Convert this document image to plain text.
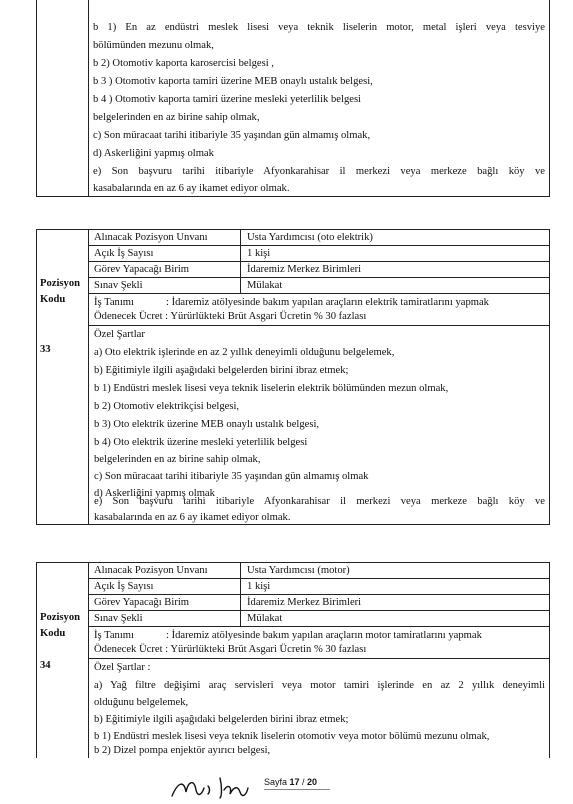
b 1) En az endüstri meslek lisesi veya teknik liselerin motor, metal işleri veya tesviye
bölümünden mezunu olmak,
b 2) Otomotiv kaporta karosercisi belgesi ,
b 3 ) Otomotiv kaporta tamiri üzerine MEB onaylı ustalık belgesi,
b 4 ) Otomotiv kaporta tamiri üzerine mesleki yeterlilik belgesi
belgelerinden en az birine sahip olmak,
c) Son müracaat tarihi itibariyle 35 yaşından gün almamış olmak,
d) Askerliğini yapmış olmak
e) Son başvuru tarihi itibariyle Afyonkarahisar il merkezi veya merkeze bağlı köy ve
kasabalarında en az 6 ay ikamet ediyor olmak.
Pozisyon
Kodu
33
Alınacak Pozisyon Unvanı	Usta Yardımcısı (oto elektrik)
Açık İş Sayısı	1 kişi
Görev Yapacağı Birim	İdaremiz Merkez Birimleri
Sınav Şekli	Mülakat
İş Tanımı	: İdaremiz atölyesinde bakım yapılan araçların elektrik tamiratlarını yapmak
Ödenecek Ücret : Yürürlükteki Brüt Asgari Ücretin % 30 fazlası
Özel Şartlar
a) Oto elektrik işlerinde en az 2 yıllık deneyimli olduğunu belgelemek,
b) Eğitimiyle ilgili aşağıdaki belgelerden birini ibraz etmek;
b 1) Endüstri meslek lisesi veya teknik liselerin elektrik bölümünden mezun olmak,
b 2) Otomotiv elektrikçisi belgesi,
b 3) Oto elektrik üzerine MEB onaylı ustalık belgesi,
b 4) Oto elektrik üzerine mesleki yeterlilik belgesi
belgelerinden en az birine sahip olmak,
c) Son müracaat tarihi itibariyle 35 yaşından gün almamış olmak
d) Askerliğini yapmış olmak
e) Son başvuru tarihi itibariyle Afyonkarahisar il merkezi veya merkeze bağlı köy ve
kasabalarında en az 6 ay ikamet ediyor olmak.
Pozisyon
Kodu
34
Alınacak Pozisyon Unvanı	Usta Yardımcısı (motor)
Açık İş Sayısı	1 kişi
Görev Yapacağı Birim	İdaremiz Merkez Birimleri
Sınav Şekli	Mülakat
İş Tanımı	: İdaremiz atölyesinde bakım yapılan araçların motor tamiratlarını yapmak
Ödenecek Ücret : Yürürlükteki Brüt Asgari Ücretin % 30 fazlası
Özel Şartlar :
a) Yağ filtre değişimi araç servisleri veya motor tamiri işlerinde en az 2 yıllık deneyimli
olduğunu belgelemek,
b) Eğitimiyle ilgili aşağıdaki belgelerden birini ibraz etmek;
b 1) Endüstri meslek lisesi veya teknik liselerin otomotiv veya motor bölümü mezunu olmak,
b 2) Dizel pompa enjektör ayırıcı belgesi,
Sayfa 17 / 20
